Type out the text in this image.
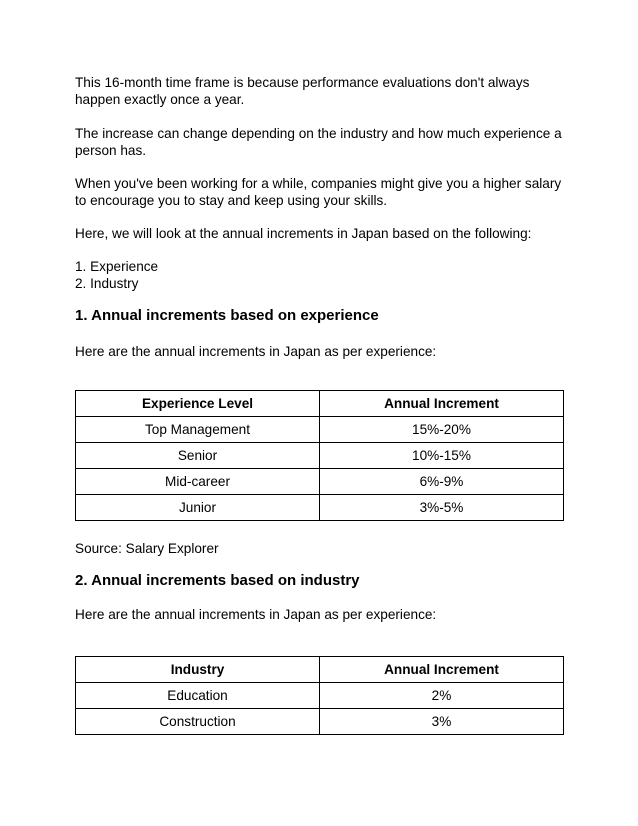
This 16-month time frame is because performance evaluations don't always happen exactly once a year.

The increase can change depending on the industry and how much experience a person has.

When you've been working for a while, companies might give you a higher salary to encourage you to stay and keep using your skills.

Here, we will look at the annual increments in Japan based on the following:

1. Experience

2. Industry

1. Annual increments based on experience

Here are the annual increments in Japan as per experience:

Experience Level	Annual Increment
Top Management	15%-20%
Senior	10%-15%
Mid-career	6%-9%
Junior	3%-5%

Source: Salary Explorer

2. Annual increments based on industry

Here are the annual increments in Japan as per experience:

Industry	Annual Increment
Education	2%
Construction	3%
